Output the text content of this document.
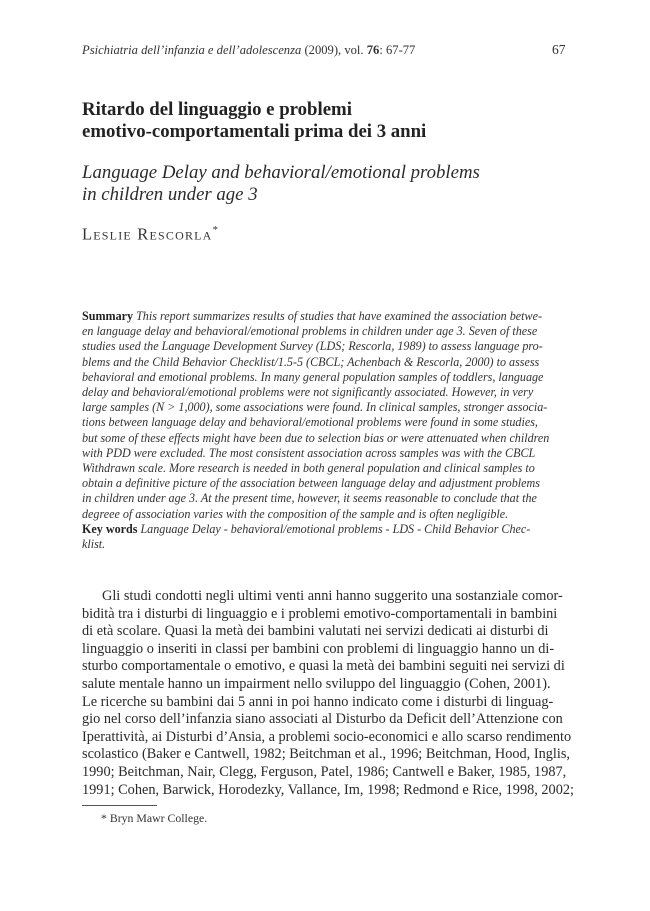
Psichiatria dell’infanzia e dell’adolescenza (2009), vol. 76: 67-77	67
Ritardo del linguaggio e problemi
emotivo-comportamentali prima dei 3 anni
Language Delay and behavioral/emotional problems
in children under age 3
Leslie Rescorla*
Summary This report summarizes results of studies that have examined the association betwe-
en language delay and behavioral/emotional problems in children under age 3. Seven of these
studies used the Language Development Survey (LDS; Rescorla, 1989) to assess language pro-
blems and the Child Behavior Checklist/1.5-5 (CBCL; Achenbach & Rescorla, 2000) to assess
behavioral and emotional problems. In many general population samples of toddlers, language
delay and behavioral/emotional problems were not significantly associated. However, in very
large samples (N > 1,000), some associations were found. In clinical samples, stronger associa-
tions between language delay and behavioral/emotional problems were found in some studies,
but some of these effects might have been due to selection bias or were attenuated when children
with PDD were excluded. The most consistent association across samples was with the CBCL
Withdrawn scale. More research is needed in both general population and clinical samples to
obtain a definitive picture of the association between language delay and adjustment problems
in children under age 3. At the present time, however, it seems reasonable to conclude that the
degreee of association varies with the composition of the sample and is often negligible.
Key words Language Delay - behavioral/emotional problems - LDS - Child Behavior Chec-
klist.
Gli studi condotti negli ultimi venti anni hanno suggerito una sostanziale comor-
bidità tra i disturbi di linguaggio e i problemi emotivo-comportamentali in bambini
di età scolare. Quasi la metà dei bambini valutati nei servizi dedicati ai disturbi di
linguaggio o inseriti in classi per bambini con problemi di linguaggio hanno un di-
sturbo comportamentale o emotivo, e quasi la metà dei bambini seguiti nei servizi di
salute mentale hanno un impairment nello sviluppo del linguaggio (Cohen, 2001).
Le ricerche su bambini dai 5 anni in poi hanno indicato come i disturbi di linguag-
gio nel corso dell’infanzia siano associati al Disturbo da Deficit dell’Attenzione con
Iperattività, ai Disturbi d’Ansia, a problemi socio-economici e allo scarso rendimento
scolastico (Baker e Cantwell, 1982; Beitchman et al., 1996; Beitchman, Hood, Inglis,
1990; Beitchman, Nair, Clegg, Ferguson, Patel, 1986; Cantwell e Baker, 1985, 1987,
1991; Cohen, Barwick, Horodezky, Vallance, Im, 1998; Redmond e Rice, 1998, 2002;
* Bryn Mawr College.
